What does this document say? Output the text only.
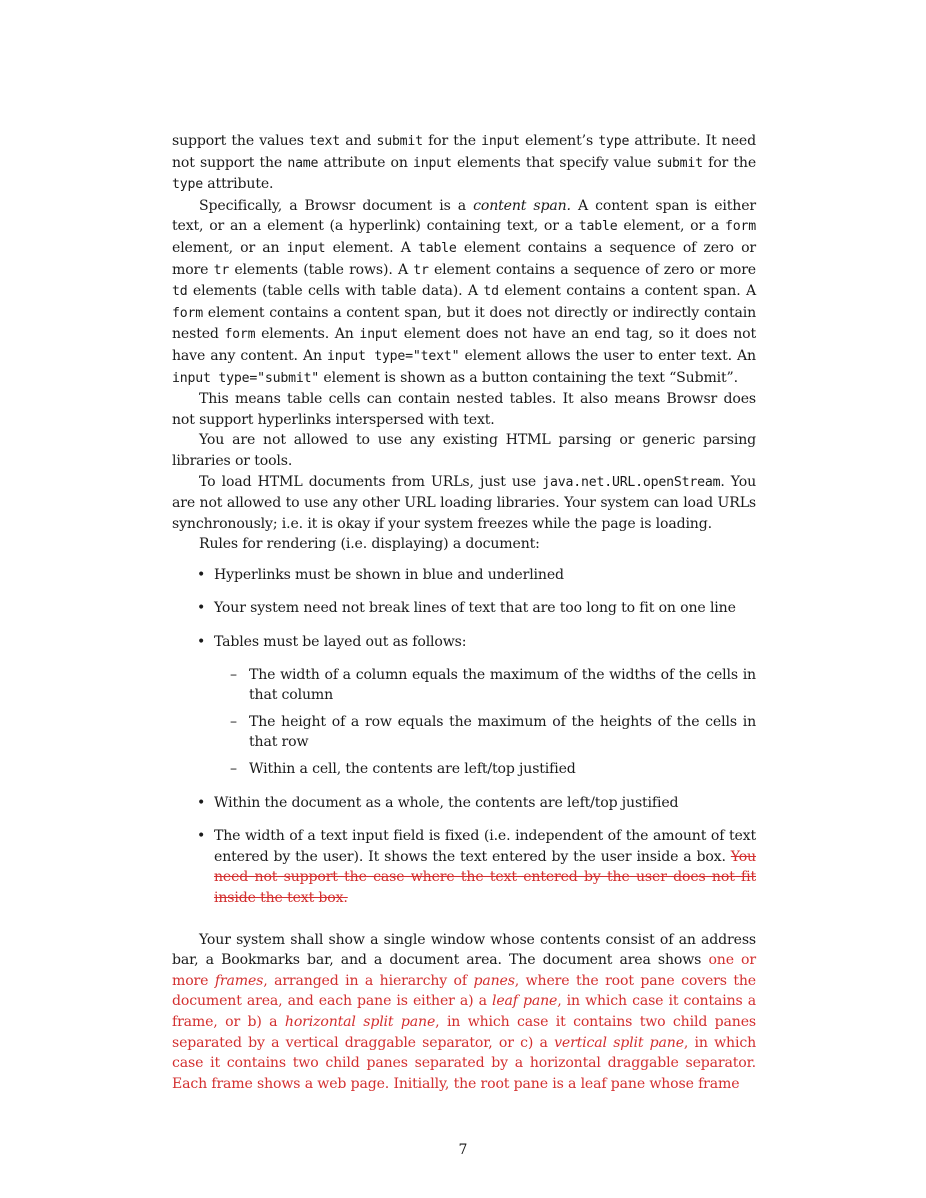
support the values text and submit for the input element’s type attribute. It need not support the name attribute on input elements that specify value submit for the type attribute.

Specifically, a Browsr document is a content span. A content span is either text, or an a element (a hyperlink) containing text, or a table element, or a form element, or an input element. A table element contains a sequence of zero or more tr elements (table rows). A tr element contains a sequence of zero or more td elements (table cells with table data). A td element contains a content span. A form element contains a content span, but it does not directly or indirectly contain nested form elements. An input element does not have an end tag, so it does not have any content. An input type="text" element allows the user to enter text. An input type="submit" element is shown as a button containing the text “Submit”.

This means table cells can contain nested tables. It also means Browsr does not support hyperlinks interspersed with text.

You are not allowed to use any existing HTML parsing or generic parsing libraries or tools.

To load HTML documents from URLs, just use java.net.URL.openStream. You are not allowed to use any other URL loading libraries. Your system can load URLs synchronously; i.e. it is okay if your system freezes while the page is loading.

Rules for rendering (i.e. displaying) a document:

• Hyperlinks must be shown in blue and underlined
• Your system need not break lines of text that are too long to fit on one line
• Tables must be layed out as follows:
– The width of a column equals the maximum of the widths of the cells in that column
– The height of a row equals the maximum of the heights of the cells in that row
– Within a cell, the contents are left/top justified
• Within the document as a whole, the contents are left/top justified
• The width of a text input field is fixed (i.e. independent of the amount of text entered by the user). It shows the text entered by the user inside a box. You need not support the case where the text entered by the user does not fit inside the text box.

Your system shall show a single window whose contents consist of an address bar, a Bookmarks bar, and a document area. The document area shows one or more frames, arranged in a hierarchy of panes, where the root pane covers the document area, and each pane is either a) a leaf pane, in which case it contains a frame, or b) a horizontal split pane, in which case it contains two child panes separated by a vertical draggable separator, or c) a vertical split pane, in which case it contains two child panes separated by a horizontal draggable separator. Each frame shows a web page. Initially, the root pane is a leaf pane whose frame

7
